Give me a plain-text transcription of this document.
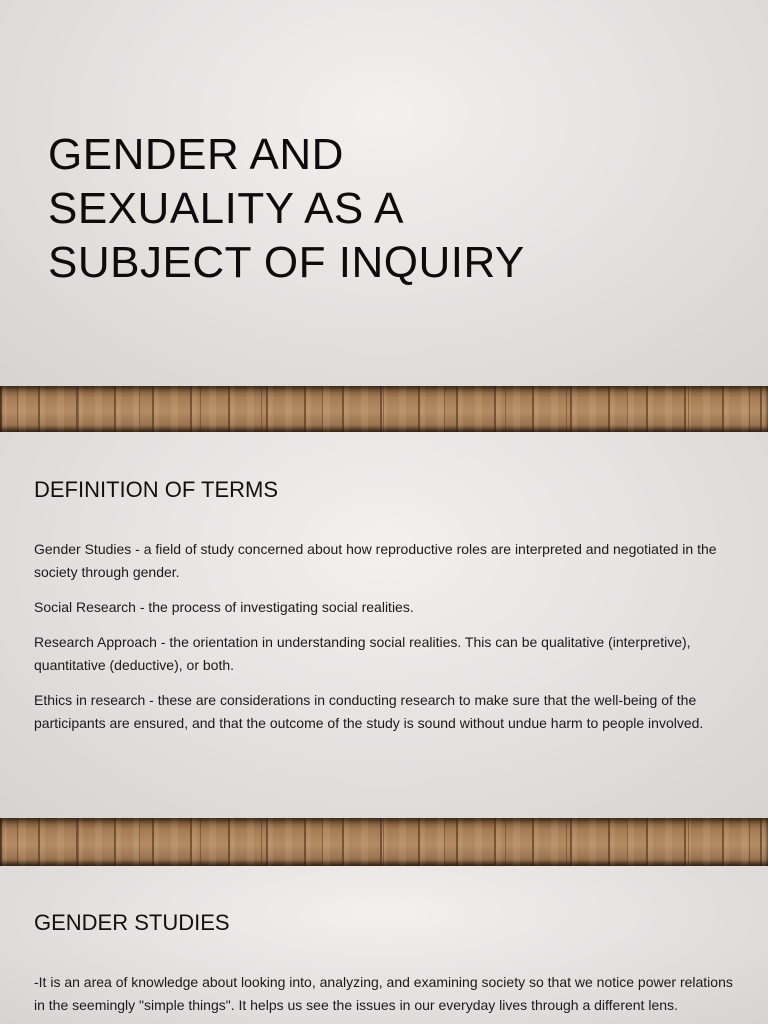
GENDER AND
SEXUALITY AS A
SUBJECT OF INQUIRY
DEFINITION OF TERMS

Gender Studies - a field of study concerned about how reproductive roles are interpreted and negotiated in the society through gender.

Social Research - the process of investigating social realities.

Research Approach - the orientation in understanding social realities. This can be qualitative (interpretive), quantitative (deductive), or both.

Ethics in research - these are considerations in conducting research to make sure that the well-being of the participants are ensured, and that the outcome of the study is sound without undue harm to people involved.

GENDER STUDIES

-It is an area of knowledge about looking into, analyzing, and examining society so that we notice power relations in the seemingly "simple things". It helps us see the issues in our everyday lives through a different lens.
